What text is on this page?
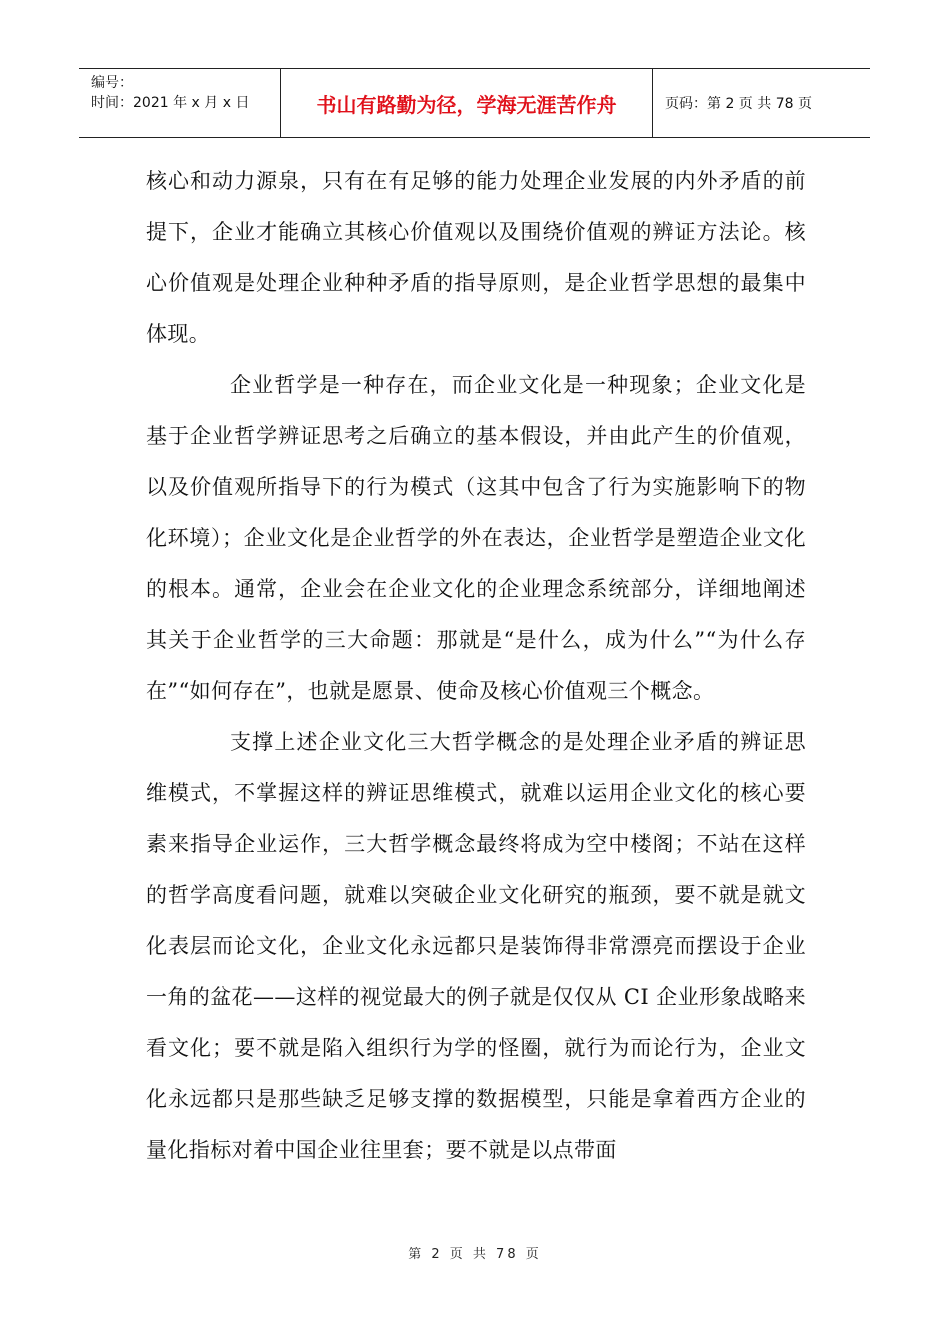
编号：
时间：2021 年 x 月 x 日	书山有路勤为径，学海无涯苦作舟	页码：第 2 页 共 78 页

核心和动力源泉，只有在有足够的能力处理企业发展的内外矛盾的前提下，企业才能确立其核心价值观以及围绕价值观的辨证方法论。核心价值观是处理企业种种矛盾的指导原则，是企业哲学思想的最集中体现。

企业哲学是一种存在，而企业文化是一种现象；企业文化是基于企业哲学辨证思考之后确立的基本假设，并由此产生的价值观，以及价值观所指导下的行为模式（这其中包含了行为实施影响下的物化环境）；企业文化是企业哲学的外在表达，企业哲学是塑造企业文化的根本。通常，企业会在企业文化的企业理念系统部分，详细地阐述其关于企业哲学的三大命题：那就是“是什么，成为什么”“为什么存在”“如何存在”，也就是愿景、使命及核心价值观三个概念。

支撑上述企业文化三大哲学概念的是处理企业矛盾的辨证思维模式，不掌握这样的辨证思维模式，就难以运用企业文化的核心要素来指导企业运作，三大哲学概念最终将成为空中楼阁；不站在这样的哲学高度看问题，就难以突破企业文化研究的瓶颈，要不就是就文化表层而论文化，企业文化永远都只是装饰得非常漂亮而摆设于企业一角的盆花——这样的视觉最大的例子就是仅仅从 CI 企业形象战略来看文化；要不就是陷入组织行为学的怪圈，就行为而论行为，企业文化永远都只是那些缺乏足够支撑的数据模型，只能是拿着西方企业的量化指标对着中国企业往里套；要不就是以点带面

第 2 页 共 78 页
